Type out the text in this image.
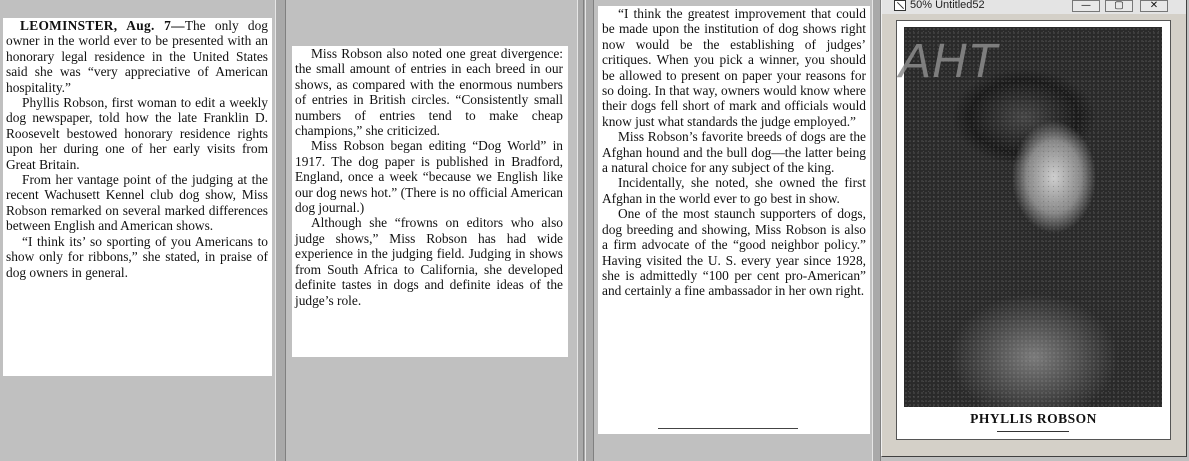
LEOMINSTER, Aug. 7—The only dog owner in the world ever to be presented with an honorary legal residence in the United States said she was “very appreciative of American hospitality.”

Phyllis Robson, first woman to edit a weekly dog newspaper, told how the late Franklin D. Roosevelt bestowed honorary residence rights upon her during one of her early visits from Great Britain.

From her vantage point of the judging at the recent Wachusett Kennel club dog show, Miss Robson remarked on several marked differences between English and American shows.

“I think its’ so sporting of you Americans to show only for ribbons,” she stated, in praise of dog owners in general.

Miss Robson also noted one great divergence: the small amount of entries in each breed in our shows, as compared with the enormous numbers of entries in British circles. “Consistently small numbers of entries tend to make cheap champions,” she criticized.

Miss Robson began editing “Dog World” in 1917. The dog paper is published in Bradford, England, once a week “because we English like our dog news hot.” (There is no official American dog journal.)

Although she “frowns on editors who also judge shows,” Miss Robson has had wide experience in the judging field. Judging in shows from South Africa to California, she developed definite tastes in dogs and definite ideas of the judge’s role.

“I think the greatest improvement that could be made upon the institution of dog shows right now would be the establishing of judges’ critiques. When you pick a winner, you should be allowed to present on paper your reasons for so doing. In that way, owners would know where their dogs fell short of mark and officials would know just what standards the judge employed.”

Miss Robson’s favorite breeds of dogs are the Afghan hound and the bull dog—the latter being a natural choice for any subject of the king.

Incidentally, she noted, she owned the first Afghan in the world ever to go best in show.

One of the most staunch supporters of dogs, dog breeding and showing, Miss Robson is also a firm advocate of the “good neighbor policy.” Having visited the U. S. every year since 1928, she is admittedly “100 per cent pro-American” and certainly a fine ambassador in her own right.

50% Untitled52	—	▢	✕
AHT
PHYLLIS ROBSON
